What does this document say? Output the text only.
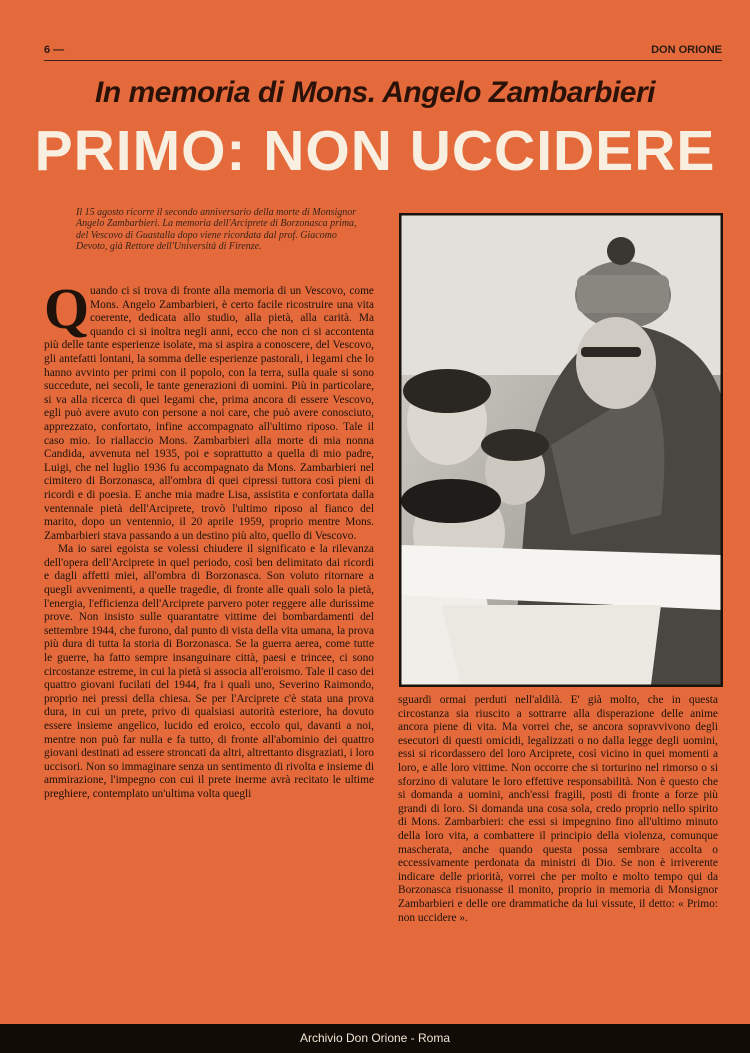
6 —	DON ORIONE
In memoria di Mons. Angelo Zambarbieri
PRIMO: NON UCCIDERE

Il 15 agosto ricorre il secondo anniversario della morte di Monsignor Angelo Zambarbieri. La memoria dell'Arciprete di Borzonasca prima, del Vescovo di Guastalla dopo viene ricordata dal prof. Giacomo Devoto, già Rettore dell'Università di Firenze.

Q uando ci si trova di fronte alla memoria di un Vescovo, come Mons. Angelo Zambarbieri, è certo facile ricostruire una vita coerente, dedicata allo studio, alla pietà, alla carità. Ma quando ci si inoltra negli anni, ecco che non ci si accontenta più delle tante esperienze isolate, ma si aspira a conoscere, del Vescovo, gli antefatti lontani, la somma delle esperienze pastorali, i legami che lo hanno avvinto per primi con il popolo, con la terra, sulla quale si sono succedute, nei secoli, le tante generazioni di uomini. Più in particolare, si va alla ricerca di quei legami che, prima ancora di essere Vescovo, egli può avere avuto con persone a noi care, che può avere conosciuto, apprezzato, confortato, infine accompagnato all'ultimo riposo. Tale il caso mio. Io riallaccio Mons. Zambarbieri alla morte di mia nonna Candida, avvenuta nel 1935, poi e soprattutto a quella di mio padre, Luigi, che nel luglio 1936 fu accompagnato da Mons. Zambarbieri nel cimitero di Borzonasca, all'ombra di quei cipressi tuttora così pieni di ricordi e di poesia. E anche mia madre Lisa, assistita e confortata dalla ventennale pietà dell'Arciprete, trovò l'ultimo riposo al fianco del marito, dopo un ventennio, il 20 aprile 1959, proprio mentre Mons. Zambarbieri stava passando a un destino più alto, quello di Vescovo.

Ma io sarei egoista se volessi chiudere il significato e la rilevanza dell'opera dell'Arciprete in quel periodo, così ben delimitato dai ricordi e dagli affetti miei, all'ombra di Borzonasca. Son voluto ritornare a quegli avvenimenti, a quelle tragedie, di fronte alle quali solo la pietà, l'energia, l'efficienza dell'Arciprete parvero poter reggere alle durissime prove. Non insisto sulle quarantatre vittime dei bombardamenti del settembre 1944, che furono, dal punto di vista della vita umana, la prova più dura di tutta la storia di Borzonasca. Se la guerra aerea, come tutte le guerre, ha fatto sempre insanguinare città, paesi e trincee, ci sono circostanze estreme, in cui la pietà si associa all'eroismo. Tale il caso dei quattro giovani fucilati del 1944, fra i quali uno, Severino Raimondo, proprio nei pressi della chiesa. Se per l'Arciprete c'è stata una prova dura, in cui un prete, privo di qualsiasi autorità esteriore, ha dovuto essere insieme angelico, lucido ed eroico, eccolo qui, davanti a noi, mentre non può far nulla e fa tutto, di fronte all'abominio dei quattro giovani destinati ad essere stroncati da altri, altrettanto disgraziati, i loro uccisori. Non so immaginare senza un sentimento di rivolta e insieme di ammirazione, l'impegno con cui il prete inerme avrà recitato le ultime preghiere, contemplato un'ultima volta quegli

sguardi ormai perduti nell'aldilà. E' già molto, che in questa circostanza sia riuscito a sottrarre alla disperazione delle anime ancora piene di vita. Ma vorrei che, se ancora sopravvivono degli esecutori di questi omicidi, legalizzati o no dalla legge degli uomini, essi si ricordassero del loro Arciprete, così vicino in quei momenti a loro, e alle loro vittime. Non occorre che si torturino nel rimorso o si sforzino di valutare le loro effettive responsabilità. Non è questo che si domanda a uomini, anch'essi fragili, posti di fronte a forze più grandi di loro. Si domanda una cosa sola, credo proprio nello spirito di Mons. Zambarbieri: che essi si impegnino fino all'ultimo minuto della loro vita, a combattere il principio della violenza, comunque mascherata, anche quando questa possa sembrare accolta o eccessivamente perdonata da ministri di Dio. Se non è irriverente indicare delle priorità, vorrei che per molto e molto tempo qui da Borzonasca risuonasse il monito, proprio in memoria di Monsignor Zambarbieri e delle ore drammatiche da lui vissute, il detto: « Primo: non uccidere ».

Archivio Don Orione - Roma
